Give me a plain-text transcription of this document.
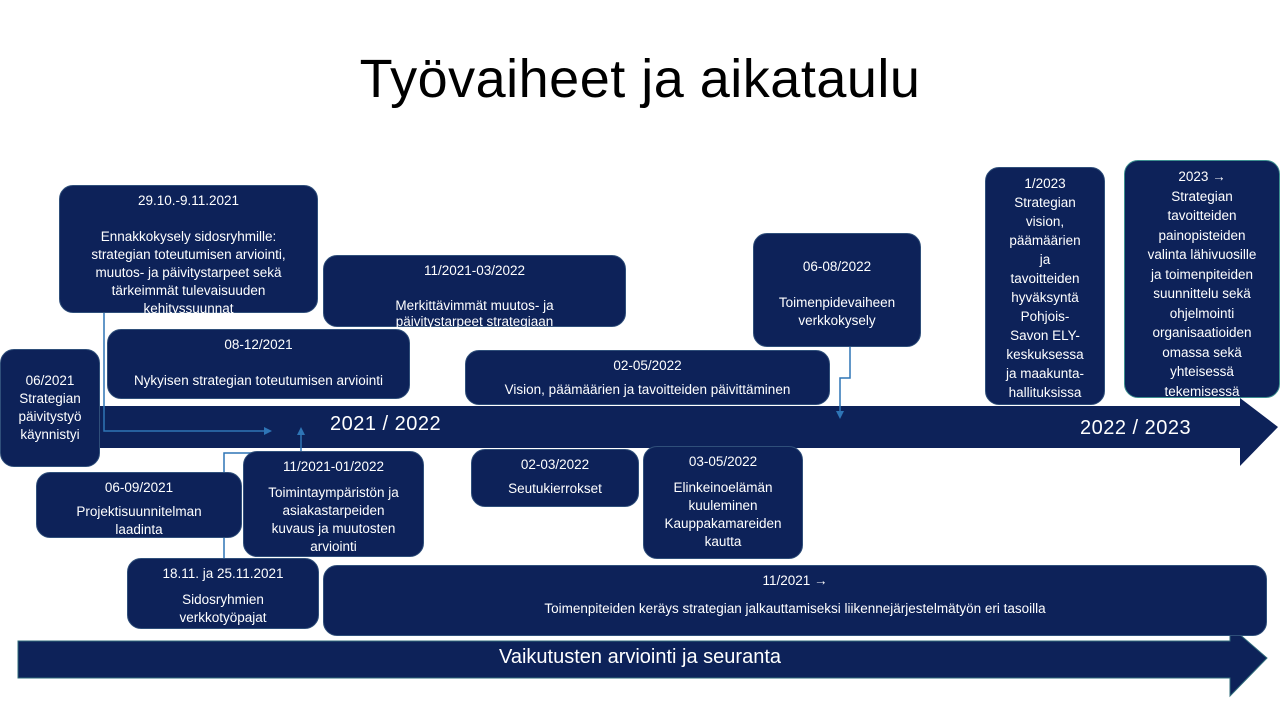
Työvaiheet ja aikataulu
2021 / 2022	2022 / 2023
Vaikutusten arviointi ja seuranta
06/2021
Strategian
päivitystyö
käynnistyi
29.10.-9.11.2021
Ennakkokysely sidosryhmille:
strategian toteutumisen arviointi,
muutos- ja päivitystarpeet sekä
tärkeimmät tulevaisuuden
kehityssuunnat
08-12/2021
Nykyisen strategian toteutumisen arviointi
11/2021-03/2022
Merkittävimmät muutos- ja
päivitystarpeet strategiaan
02-05/2022
Vision, päämäärien ja tavoitteiden päivittäminen
06-08/2022
Toimenpidevaiheen
verkkokysely
1/2023
Strategian
vision,
päämäärien
ja
tavoitteiden
hyväksyntä
Pohjois-
Savon ELY-
keskuksessa
ja maakunta-
hallituksissa
2023 →
Strategian
tavoitteiden
painopisteiden
valinta lähivuosille
ja toimenpiteiden
suunnittelu sekä
ohjelmointi
organisaatioiden
omassa sekä
yhteisessä
tekemisessä
06-09/2021
Projektisuunnitelman
laadinta
11/2021-01/2022
Toimintaympäristön ja
asiakastarpeiden
kuvaus ja muutosten
arviointi
02-03/2022
Seutukierrokset
03-05/2022
Elinkeinoelämän
kuuleminen
Kauppakamareiden
kautta
18.11. ja 25.11.2021
Sidosryhmien
verkkotyöpajat
11/2021 →
Toimenpiteiden keräys strategian jalkauttamiseksi liikennejärjestelmätyön eri tasoilla
